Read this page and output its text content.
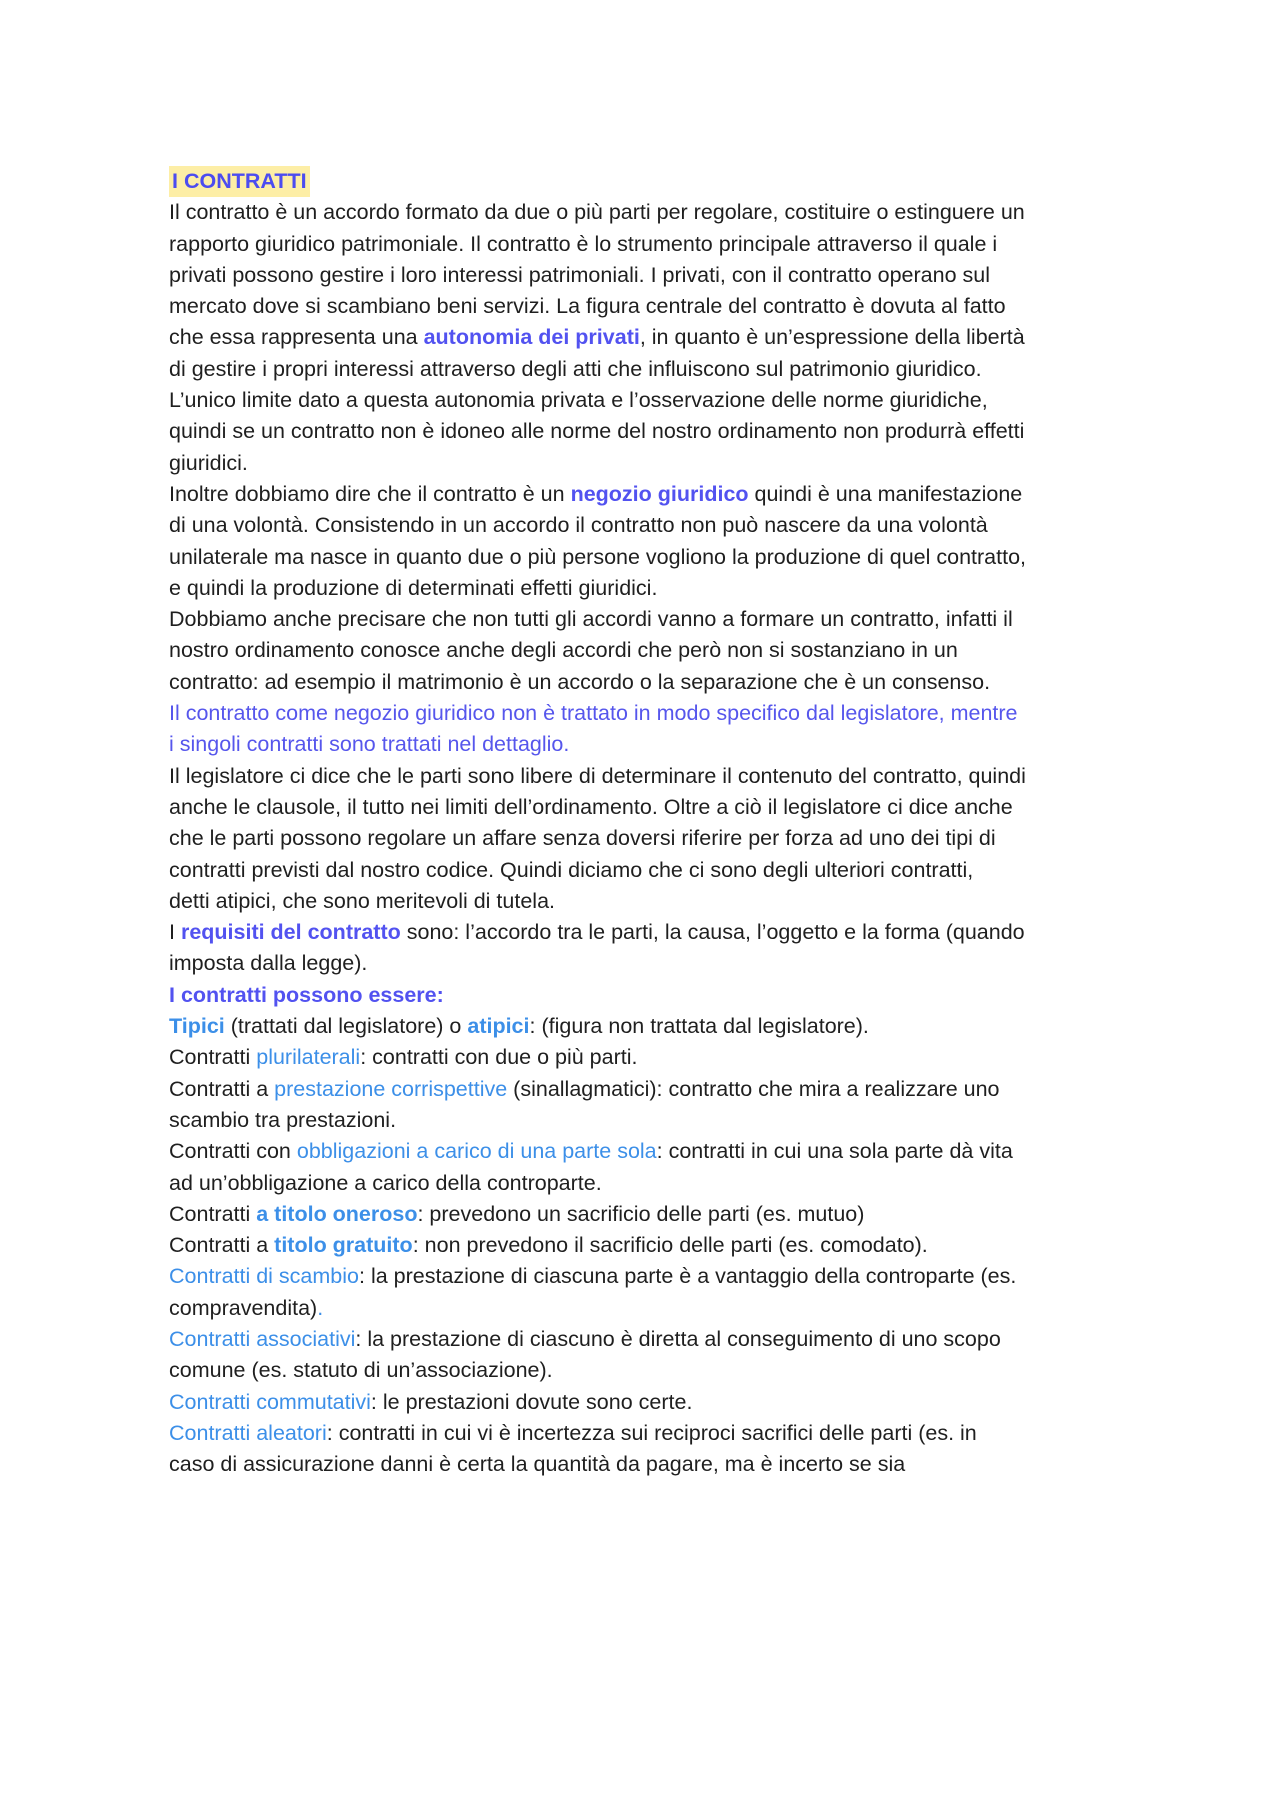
I CONTRATTI
Il contratto è un accordo formato da due o più parti per regolare, costituire o estinguere un
rapporto giuridico patrimoniale. Il contratto è lo strumento principale attraverso il quale i
privati possono gestire i loro interessi patrimoniali. I privati, con il contratto operano sul
mercato dove si scambiano beni servizi. La figura centrale del contratto è dovuta al fatto
che essa rappresenta una autonomia dei privati, in quanto è un’espressione della libertà
di gestire i propri interessi attraverso degli atti che influiscono sul patrimonio giuridico.
L’unico limite dato a questa autonomia privata e l’osservazione delle norme giuridiche,
quindi se un contratto non è idoneo alle norme del nostro ordinamento non produrrà effetti
giuridici.
Inoltre dobbiamo dire che il contratto è un negozio giuridico quindi è una manifestazione
di una volontà. Consistendo in un accordo il contratto non può nascere da una volontà
unilaterale ma nasce in quanto due o più persone vogliono la produzione di quel contratto,
e quindi la produzione di determinati effetti giuridici.
Dobbiamo anche precisare che non tutti gli accordi vanno a formare un contratto, infatti il
nostro ordinamento conosce anche degli accordi che però non si sostanziano in un
contratto: ad esempio il matrimonio è un accordo o la separazione che è un consenso.
Il contratto come negozio giuridico non è trattato in modo specifico dal legislatore, mentre
i singoli contratti sono trattati nel dettaglio.
Il legislatore ci dice che le parti sono libere di determinare il contenuto del contratto, quindi
anche le clausole, il tutto nei limiti dell’ordinamento. Oltre a ciò il legislatore ci dice anche
che le parti possono regolare un affare senza doversi riferire per forza ad uno dei tipi di
contratti previsti dal nostro codice. Quindi diciamo che ci sono degli ulteriori contratti,
detti atipici, che sono meritevoli di tutela.
I requisiti del contratto sono: l’accordo tra le parti, la causa, l’oggetto e la forma (quando
imposta dalla legge).
I contratti possono essere:
Tipici (trattati dal legislatore) o atipici: (figura non trattata dal legislatore).
Contratti plurilaterali: contratti con due o più parti.
Contratti a prestazione corrispettive (sinallagmatici): contratto che mira a realizzare uno
scambio tra prestazioni.
Contratti con obbligazioni a carico di una parte sola: contratti in cui una sola parte dà vita
ad un’obbligazione a carico della controparte.
Contratti a titolo oneroso: prevedono un sacrificio delle parti (es. mutuo)
Contratti a titolo gratuito: non prevedono il sacrificio delle parti (es. comodato).
Contratti di scambio: la prestazione di ciascuna parte è a vantaggio della controparte (es.
compravendita).
Contratti associativi: la prestazione di ciascuno è diretta al conseguimento di uno scopo
comune (es. statuto di un’associazione).
Contratti commutativi: le prestazioni dovute sono certe.
Contratti aleatori: contratti in cui vi è incertezza sui reciproci sacrifici delle parti (es. in
caso di assicurazione danni è certa la quantità da pagare, ma è incerto se sia
